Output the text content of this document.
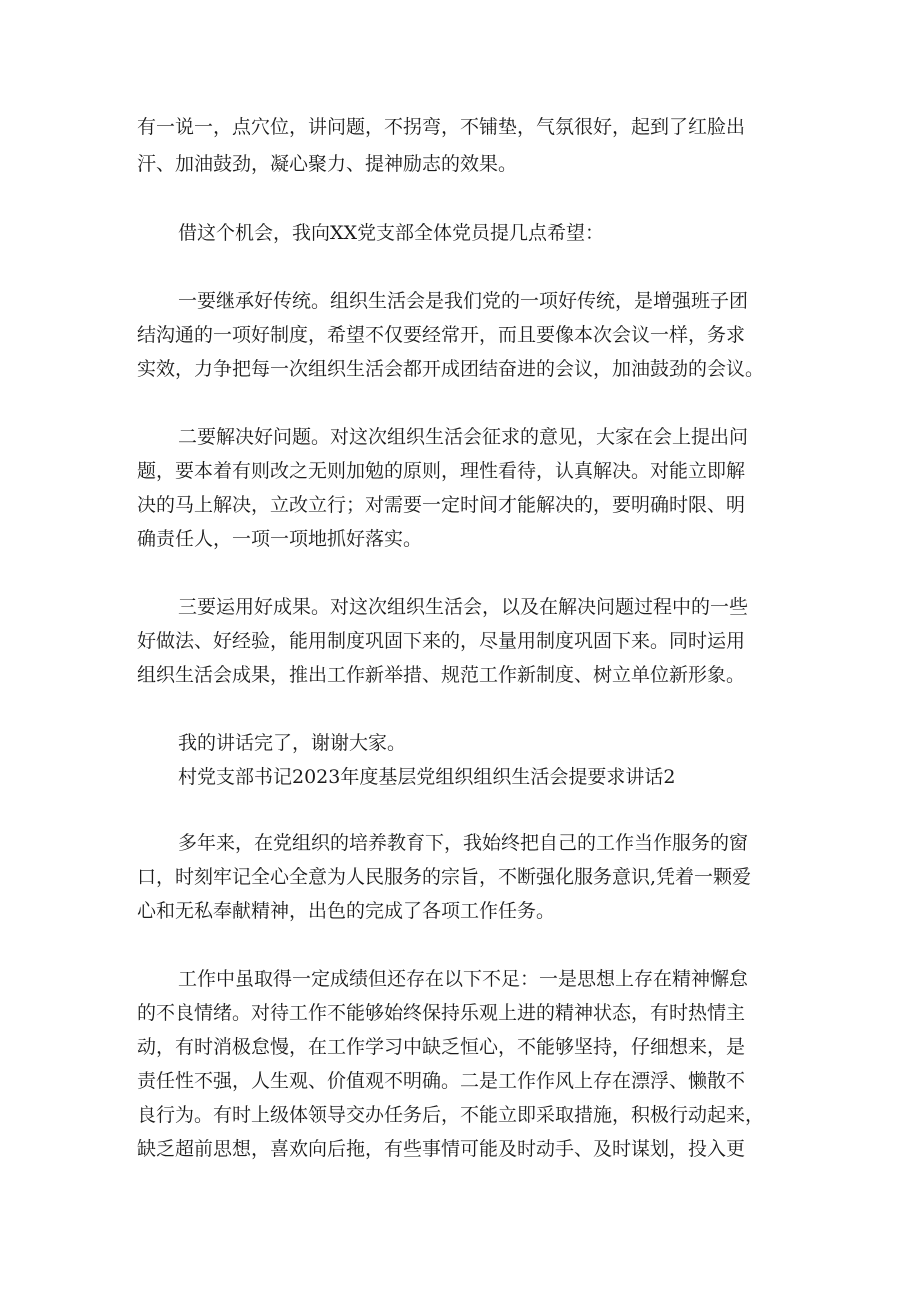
有一说一，点穴位，讲问题，不拐弯，不铺垫，气氛很好，起到了红脸出
汗、加油鼓劲，凝心聚力、提神励志的效果。
借这个机会，我向XX党支部全体党员提几点希望：
一要继承好传统。组织生活会是我们党的一项好传统，是增强班子团
结沟通的一项好制度，希望不仅要经常开，而且要像本次会议一样，务求
实效，力争把每一次组织生活会都开成团结奋进的会议，加油鼓劲的会议。
二要解决好问题。对这次组织生活会征求的意见，大家在会上提出问
题，要本着有则改之无则加勉的原则，理性看待，认真解决。对能立即解
决的马上解决，立改立行；对需要一定时间才能解决的，要明确时限、明
确责任人，一项一项地抓好落实。
三要运用好成果。对这次组织生活会，以及在解决问题过程中的一些
好做法、好经验，能用制度巩固下来的，尽量用制度巩固下来。同时运用
组织生活会成果，推出工作新举措、规范工作新制度、树立单位新形象。
我的讲话完了，谢谢大家。
村党支部书记2023年度基层党组织组织生活会提要求讲话2
多年来，在党组织的培养教育下，我始终把自己的工作当作服务的窗
口，时刻牢记全心全意为人民服务的宗旨，不断强化服务意识,凭着一颗爱
心和无私奉献精神，出色的完成了各项工作任务。
工作中虽取得一定成绩但还存在以下不足：一是思想上存在精神懈怠
的不良情绪。对待工作不能够始终保持乐观上进的精神状态，有时热情主
动，有时消极怠慢，在工作学习中缺乏恒心，不能够坚持，仔细想来，是
责任性不强，人生观、价值观不明确。二是工作作风上存在漂浮、懒散不
良行为。有时上级体领导交办任务后，不能立即采取措施，积极行动起来，
缺乏超前思想，喜欢向后拖，有些事情可能及时动手、及时谋划，投入更
